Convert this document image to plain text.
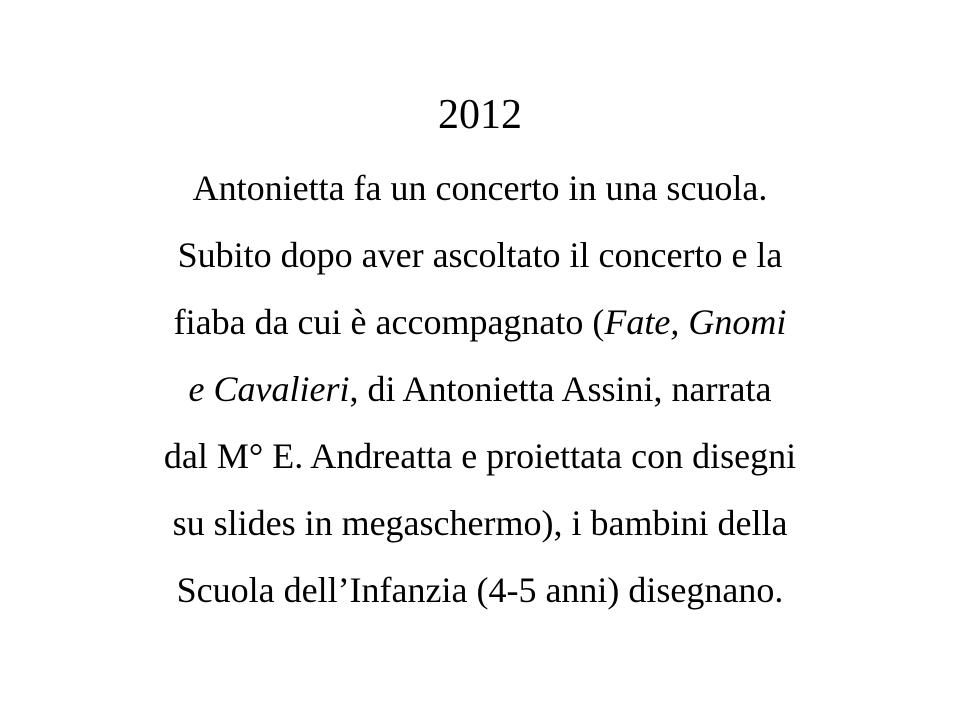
2012
Antonietta fa un concerto in una scuola.
Subito dopo aver ascoltato il concerto e la
fiaba da cui è accompagnato (Fate, Gnomi
e Cavalieri, di Antonietta Assini, narrata
dal M° E. Andreatta e proiettata con disegni
su slides in megaschermo), i bambini della
Scuola dell’Infanzia (4-5 anni) disegnano.
